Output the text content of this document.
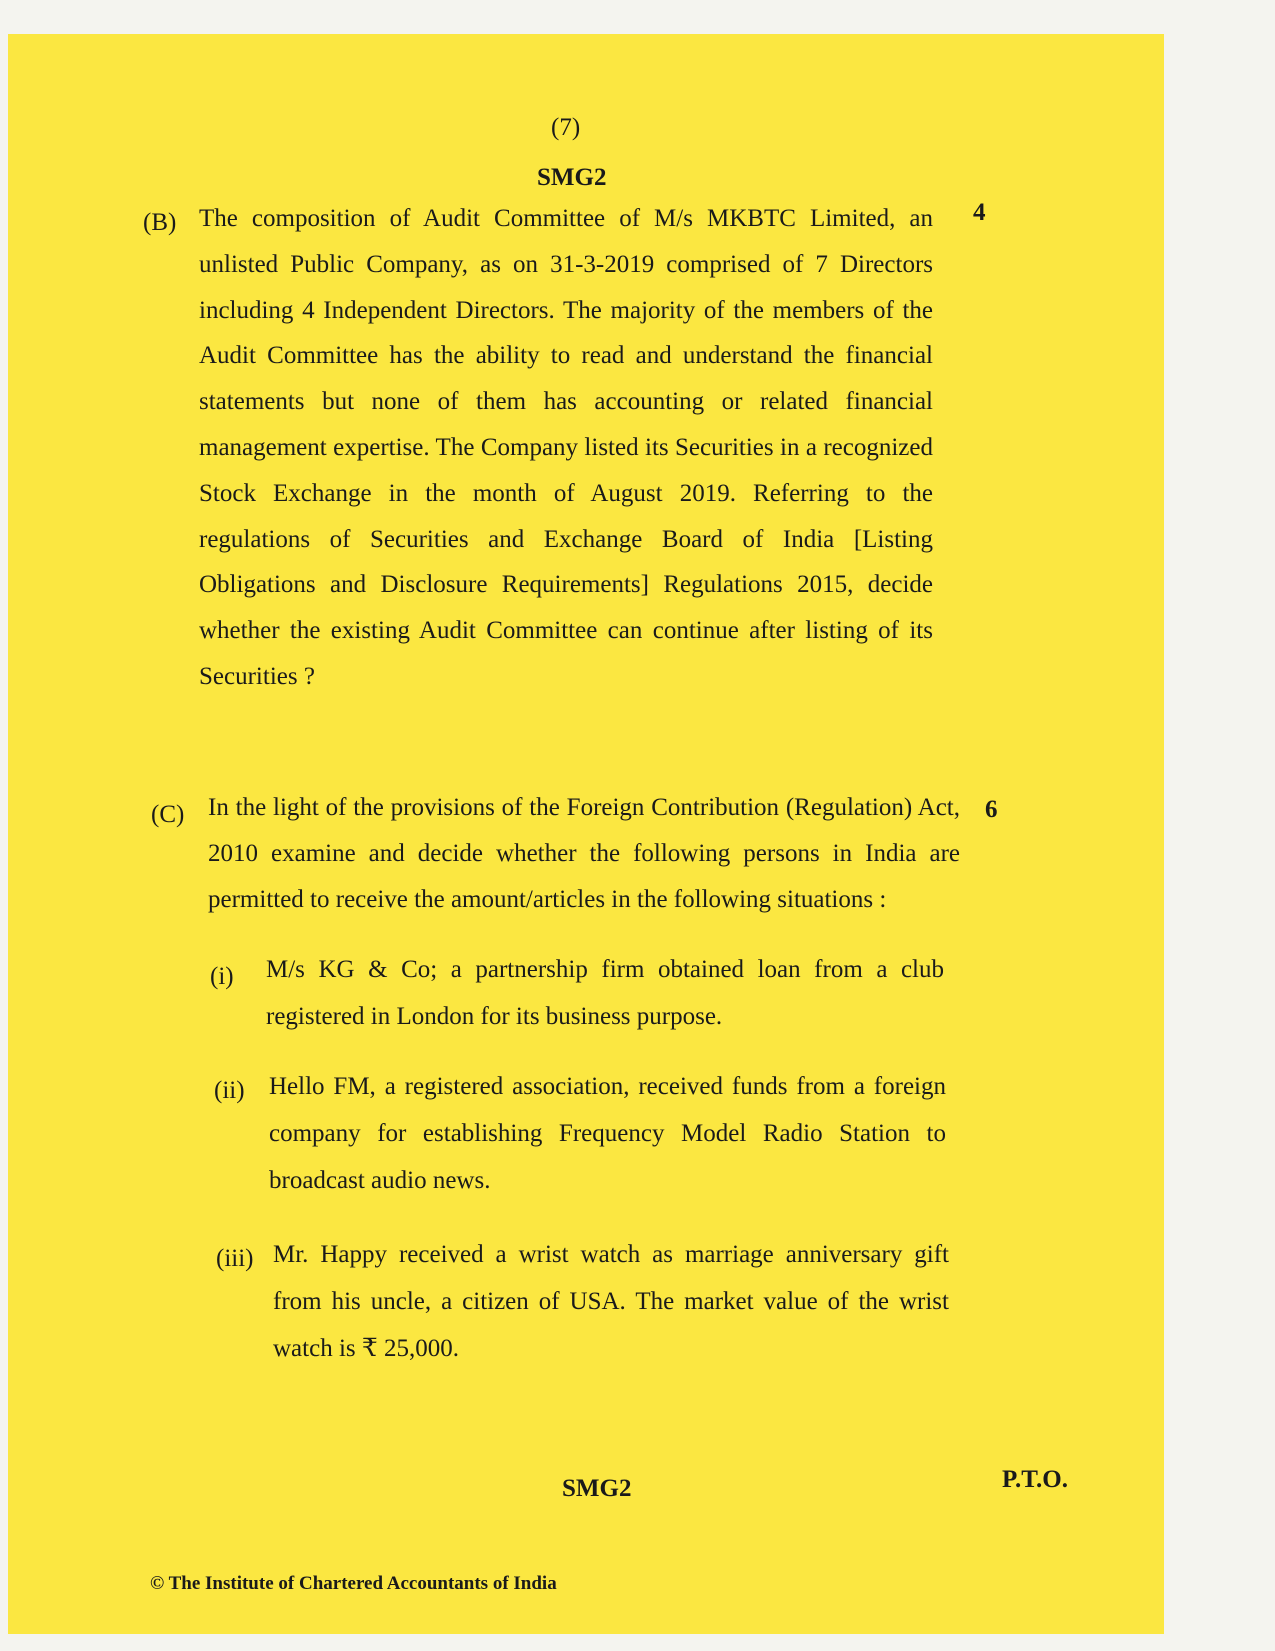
(7)
SMG2
(B)	4

The composition of Audit Committee of M/s MKBTC Limited, an unlisted Public Company, as on 31-3-2019 comprised of 7 Directors including 4 Independent Directors. The majority of the members of the Audit Committee has the ability to read and understand the financial statements but none of them has accounting or related financial management expertise. The Company listed its Securities in a recognized Stock Exchange in the month of August 2019. Referring to the regulations of Securities and Exchange Board of India [Listing Obligations and Disclosure Requirements] Regulations 2015, decide whether the existing Audit Committee can continue after listing of its Securities ?

(C)	6

In the light of the provisions of the Foreign Contribution (Regulation) Act, 2010 examine and decide whether the following persons in India are permitted to receive the amount/articles in the following situations :

(i) M/s KG & Co; a partnership firm obtained loan from a club registered in London for its business purpose.

(ii) Hello FM, a registered association, received funds from a foreign company for establishing Frequency Model Radio Station to broadcast audio news.

(iii) Mr. Happy received a wrist watch as marriage anniversary gift from his uncle, a citizen of USA. The market value of the wrist watch is ₹ 25,000.

SMG2	P.T.O.
© The Institute of Chartered Accountants of India
